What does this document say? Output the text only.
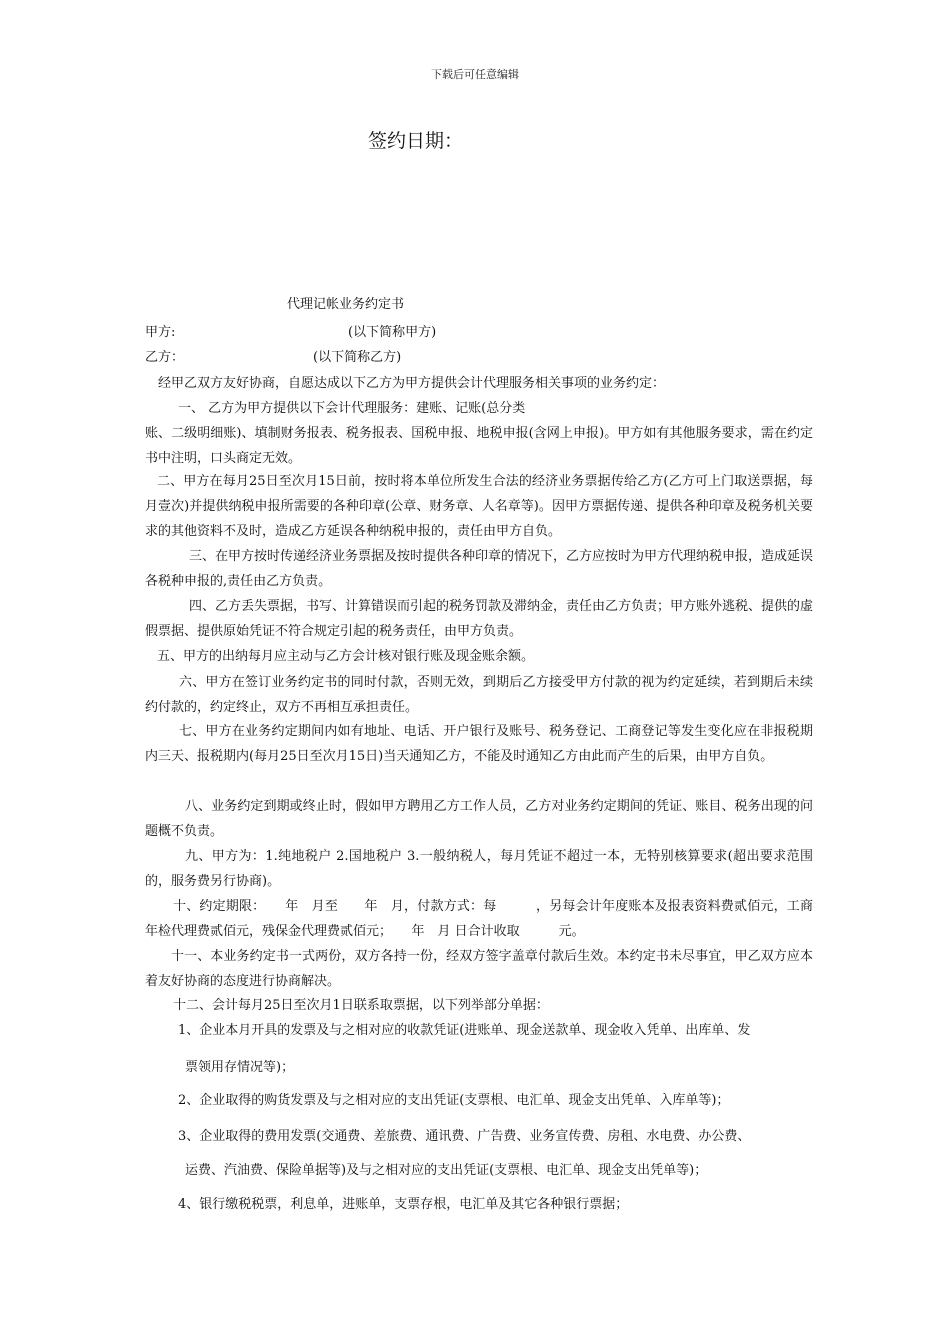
下载后可任意编辑
签约日期：
代理记帐业务约定书
甲方:	(以下简称甲方)
乙方：	(以下简称乙方)
经甲乙双方友好协商，自愿达成以下乙方为甲方提供会计代理服务相关事项的业务约定：
一、 乙方为甲方提供以下会计代理服务：建账、记账(总分类
账、二级明细账)、填制财务报表、税务报表、国税申报、地税申报(含网上申报)。甲方如有其他服务要求，需在约定书中注明，口头商定无效。
二、甲方在每月25日至次月15日前，按时将本单位所发生合法的经济业务票据传给乙方(乙方可上门取送票据，每月壹次)并提供纳税申报所需要的各种印章(公章、财务章、人名章等)。因甲方票据传递、提供各种印章及税务机关要求的其他资料不及时，造成乙方延误各种纳税申报的，责任由甲方自负。
三、在甲方按时传递经济业务票据及按时提供各种印章的情况下，乙方应按时为甲方代理纳税申报，造成延误各税种申报的,责任由乙方负责。
四、乙方丢失票据，书写、计算错误而引起的税务罚款及滞纳金，责任由乙方负责；甲方账外逃税、提供的虚假票据、提供原始凭证不符合规定引起的税务责任，由甲方负责。
五、甲方的出纳每月应主动与乙方会计核对银行账及现金账余额。
六、甲方在签订业务约定书的同时付款，否则无效，到期后乙方接受甲方付款的视为约定延续，若到期后未续约付款的，约定终止，双方不再相互承担责任。
七、甲方在业务约定期间内如有地址、电话、开户银行及账号、税务登记、工商登记等发生变化应在非报税期内三天、报税期内(每月25日至次月15日)当天通知乙方，不能及时通知乙方由此而产生的后果，由甲方自负。
八、业务约定到期或终止时，假如甲方聘用乙方工作人员，乙方对业务约定期间的凭证、账目、税务出现的问题概不负责。
九、甲方为：1.纯地税户 2.国地税户 3.一般纳税人，每月凭证不超过一本，无特别核算要求(超出要求范围的，服务费另行协商)。
十、约定期限：　　年　月至　　年　月，付款方式：每　　　，另每会计年度账本及报表资料费贰佰元，工商年检代理费贰佰元，残保金代理费贰佰元；　　年　月 日合计收取　　　元。
十一、本业务约定书一式两份，双方各持一份，经双方签字盖章付款后生效。本约定书未尽事宜，甲乙双方应本着友好协商的态度进行协商解决。
十二、会计每月25日至次月1日联系取票据，以下列举部分单据：
1、企业本月开具的发票及与之相对应的收款凭证(进账单、现金送款单、现金收入凭单、出库单、发
票领用存情况等)；
2、企业取得的购货发票及与之相对应的支出凭证(支票根、电汇单、现金支出凭单、入库单等)；
3、企业取得的费用发票(交通费、差旅费、通讯费、广告费、业务宣传费、房租、水电费、办公费、
运费、汽油费、保险单据等)及与之相对应的支出凭证(支票根、电汇单、现金支出凭单等)；
4、银行缴税税票，利息单，进账单，支票存根，电汇单及其它各种银行票据；
